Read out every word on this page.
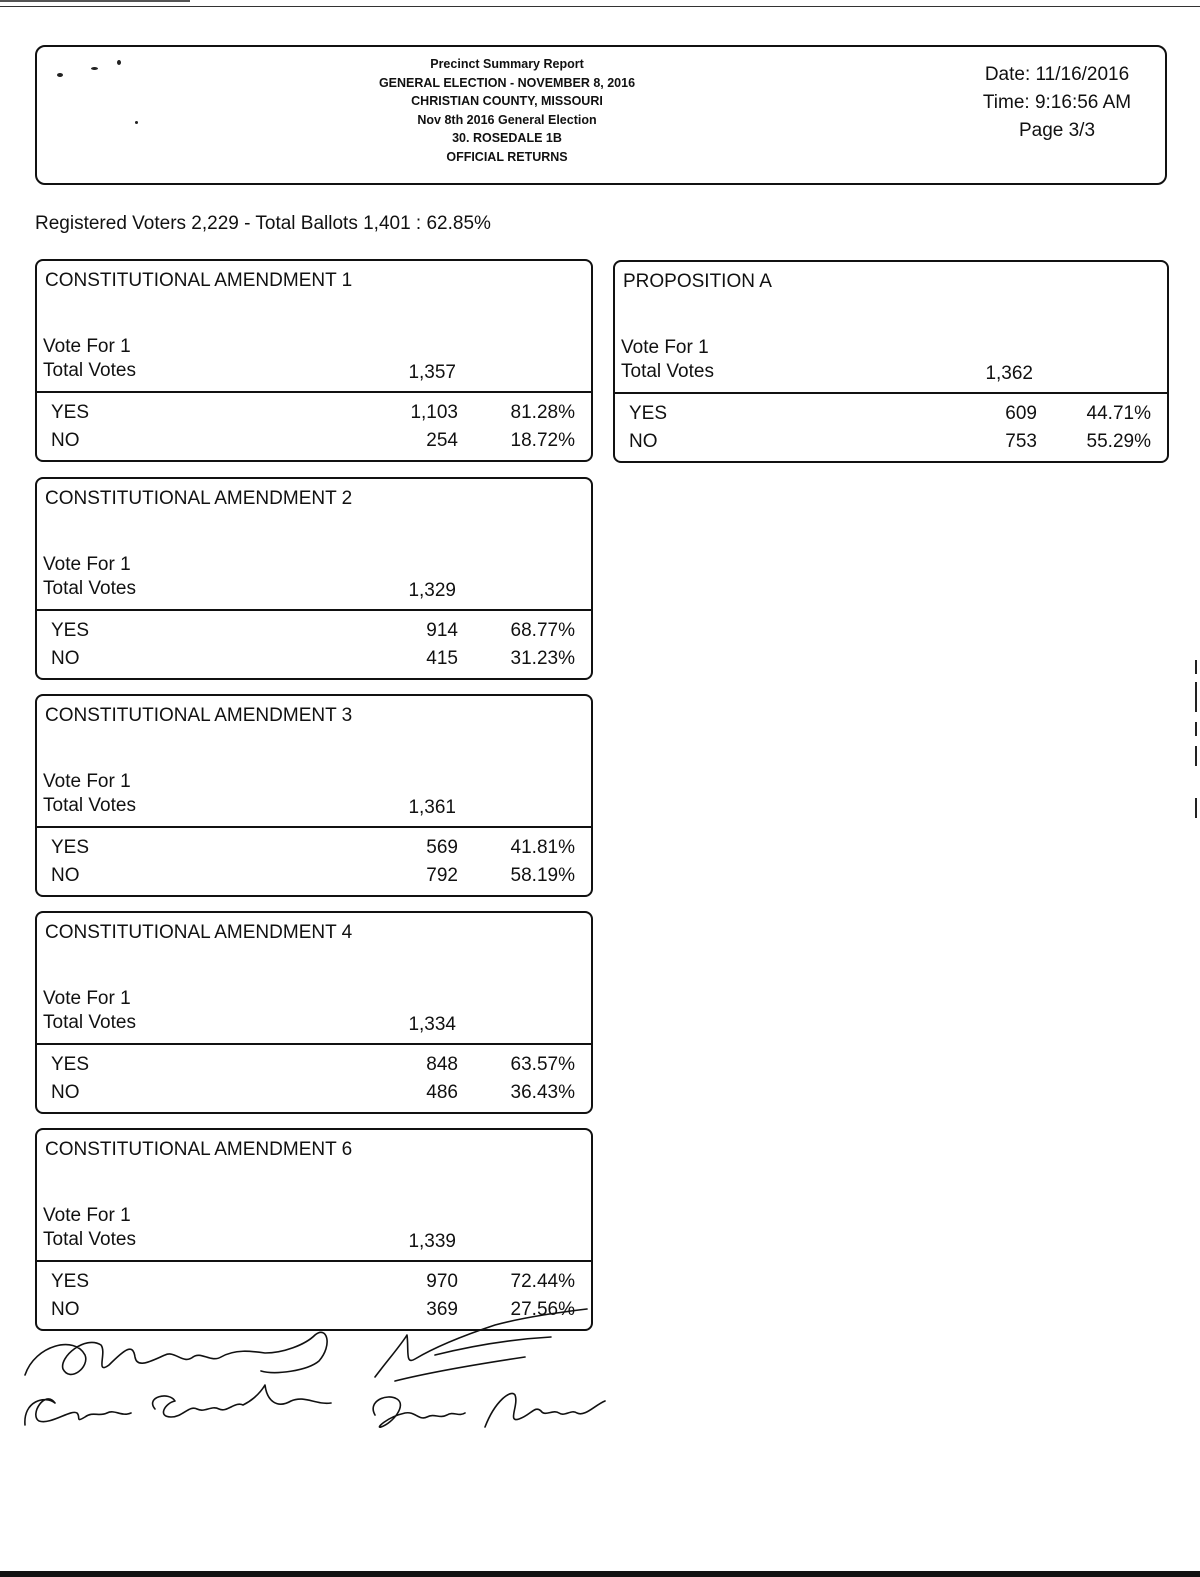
Precinct Summary Report
GENERAL ELECTION - NOVEMBER 8, 2016
CHRISTIAN COUNTY, MISSOURI
Nov 8th 2016 General Election
30. ROSEDALE 1B
OFFICIAL RETURNS
Date: 11/16/2016
Time: 9:16:56 AM
Page 3/3
Registered Voters 2,229 - Total Ballots 1,401 : 62.85%
CONSTITUTIONAL AMENDMENT 1
Vote For 1
Total Votes	1,357
YES	1,103	81.28%
NO	254	18.72%
CONSTITUTIONAL AMENDMENT 2
Vote For 1
Total Votes	1,329
YES	914	68.77%
NO	415	31.23%
CONSTITUTIONAL AMENDMENT 3
Vote For 1
Total Votes	1,361
YES	569	41.81%
NO	792	58.19%
CONSTITUTIONAL AMENDMENT 4
Vote For 1
Total Votes	1,334
YES	848	63.57%
NO	486	36.43%
CONSTITUTIONAL AMENDMENT 6
Vote For 1
Total Votes	1,339
YES	970	72.44%
NO	369	27.56%
PROPOSITION A
Vote For 1
Total Votes	1,362
YES	609	44.71%
NO	753	55.29%
